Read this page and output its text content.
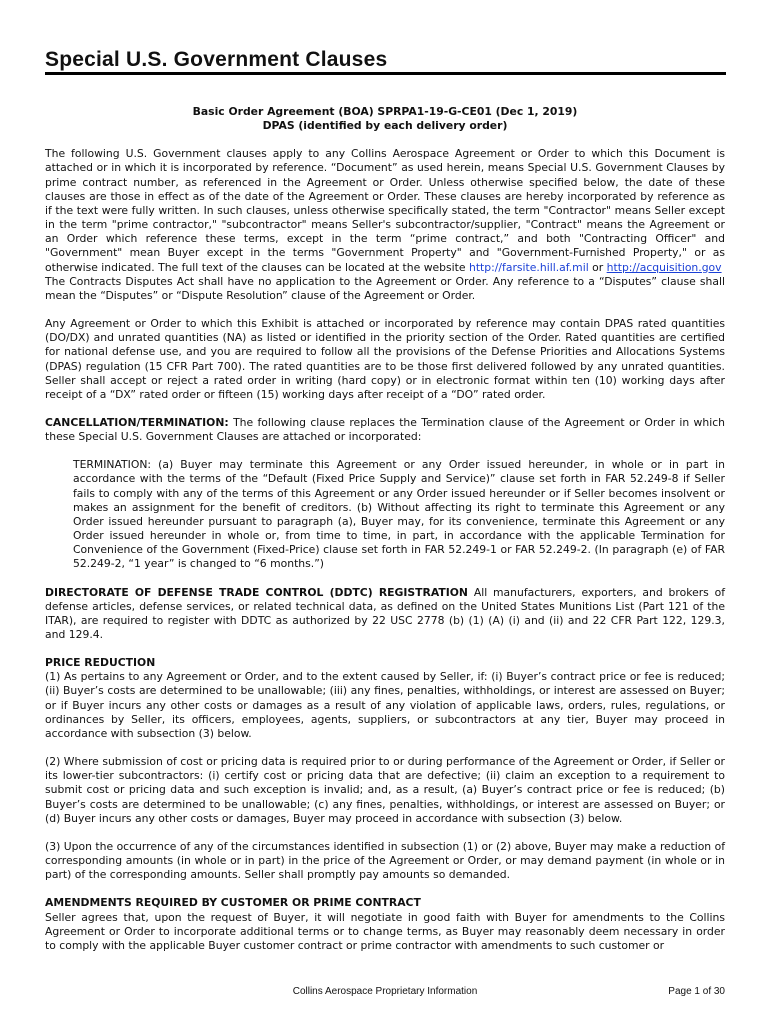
Special U.S. Government Clauses

Basic Order Agreement (BOA) SPRPA1-19-G-CE01 (Dec 1, 2019)

DPAS (identified by each delivery order)

The following U.S. Government clauses apply to any Collins Aerospace Agreement or Order to which this Document is attached or in which it is incorporated by reference. “Document” as used herein, means Special U.S. Government Clauses by prime contract number, as referenced in the Agreement or Order. Unless otherwise specified below, the date of these clauses are those in effect as of the date of the Agreement or Order. These clauses are hereby incorporated by reference as if the text were fully written. In such clauses, unless otherwise specifically stated, the term "Contractor" means Seller except in the term "prime contractor," "subcontractor" means Seller's subcontractor/supplier, "Contract" means the Agreement or an Order which reference these terms, except in the term “prime contract,” and both "Contracting Officer" and "Government" mean Buyer except in the terms "Government Property" and "Government-Furnished Property," or as otherwise indicated. The full text of the clauses can be located at the website http://farsite.hill.af.mil or http://acquisition.gov  The Contracts Disputes Act shall have no application to the Agreement or Order. Any reference to a “Disputes” clause shall mean the “Disputes” or “Dispute Resolution” clause of the Agreement or Order.

Any Agreement or Order to which this Exhibit is attached or incorporated by reference may contain DPAS rated quantities (DO/DX) and unrated quantities (NA) as listed or identified in the priority section of the Order. Rated quantities are certified for national defense use, and you are required to follow all the provisions of the Defense Priorities and Allocations Systems (DPAS) regulation (15 CFR Part 700). The rated quantities are to be those first delivered followed by any unrated quantities. Seller shall accept or reject a rated order in writing (hard copy) or in electronic format within ten (10) working days after receipt of a “DX” rated order or fifteen (15) working days after receipt of a “DO” rated order.

CANCELLATION/TERMINATION: The following clause replaces the Termination clause of the Agreement or Order in which these Special U.S. Government Clauses are attached or incorporated:

TERMINATION: (a) Buyer may terminate this Agreement or any Order issued hereunder, in whole or in part in accordance with the terms of the “Default (Fixed Price Supply and Service)” clause set forth in FAR 52.249-8 if Seller fails to comply with any of the terms of this Agreement or any Order issued hereunder or if Seller becomes insolvent or makes an assignment for the benefit of creditors. (b) Without affecting its right to terminate this Agreement or any Order issued hereunder pursuant to paragraph (a), Buyer may, for its convenience, terminate this Agreement or any Order issued hereunder in whole or, from time to time, in part, in accordance with the applicable Termination for Convenience of the Government (Fixed-Price) clause set forth in FAR 52.249-1 or FAR 52.249-2. (In paragraph (e) of FAR 52.249-2, “1 year” is changed to “6 months.”)

DIRECTORATE OF DEFENSE TRADE CONTROL (DDTC) REGISTRATION All manufacturers, exporters, and brokers of defense articles, defense services, or related technical data, as defined on the United States Munitions List (Part 121 of the ITAR), are required to register with DDTC as authorized by 22 USC 2778 (b) (1) (A) (i) and (ii) and 22 CFR Part 122, 129.3, and 129.4.

PRICE REDUCTION

(1) As pertains to any Agreement or Order, and to the extent caused by Seller, if: (i) Buyer’s contract price or fee is reduced; (ii) Buyer’s costs are determined to be unallowable; (iii) any fines, penalties, withholdings, or interest are assessed on Buyer; or if Buyer incurs any other costs or damages as a result of any violation of applicable laws, orders, rules, regulations, or ordinances by Seller, its officers, employees, agents, suppliers, or subcontractors at any tier, Buyer may proceed in accordance with subsection (3) below.

(2) Where submission of cost or pricing data is required prior to or during performance of the Agreement or Order, if Seller or its lower-tier subcontractors: (i) certify cost or pricing data that are defective; (ii) claim an exception to a requirement to submit cost or pricing data and such exception is invalid; and, as a result, (a) Buyer’s contract price or fee is reduced; (b) Buyer’s costs are determined to be unallowable; (c) any fines, penalties, withholdings, or interest are assessed on Buyer; or (d) Buyer incurs any other costs or damages, Buyer may proceed in accordance with subsection (3) below.

(3) Upon the occurrence of any of the circumstances identified in subsection (1) or (2) above, Buyer may make a reduction of corresponding amounts (in whole or in part) in the price of the Agreement or Order, or may demand payment (in whole or in part) of the corresponding amounts. Seller shall promptly pay amounts so demanded.

AMENDMENTS REQUIRED BY CUSTOMER OR PRIME CONTRACT

Seller agrees that, upon the request of Buyer, it will negotiate in good faith with Buyer for amendments to the Collins Agreement or Order to incorporate additional terms or to change terms, as Buyer may reasonably deem necessary in order to comply with the applicable Buyer customer contract or prime contractor with amendments to such customer or

Collins Aerospace Proprietary Information	Page 1 of 30
